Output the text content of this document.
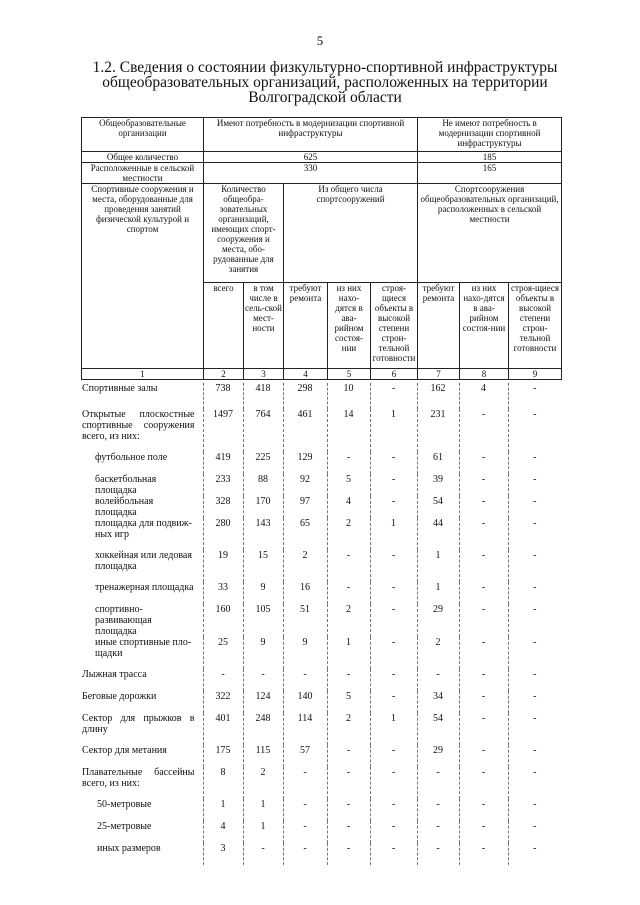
5
1.2. Сведения о состоянии физкультурно-спортивной инфраструктуры
общеобразовательных организаций, расположенных на территории
Волгоградской области
Общеобразовательные организации	Имеют потребность в модернизации спортивной инфраструктуры					Не имеют потребность в модернизации спортивной инфраструктуры		
Общее количество	625					185		
Расположенные в сельской местности	330					165		
Спортивные сооружения и места, оборудованные для проведения занятий физической культурой и спортом	Количество общеобра-зовательных организаций, имеющих спорт-сооружения и места, обо-рудованные для занятия		Из общего числа спортсооружений			Спортсооружения общеобразовательных организаций, расположенных в сельской местности		
	всего	в том числе в сель-ской мест-ности	требуют ремонта	из них нахо-дятся в ава-рийном состоя-нии	строя-щиеся объекты в высокой степени строи-тельной готовности	требуют ремонта	из них нахо-дятся в ава-рийном состоя-нии	строя-щиеся объекты в высокой степени строи-тельной готовности
1	2	3	4	5	6	7	8	9
Спортивные залы	738	418	298	10	-	162	4	-
Открытые плоскостные спортивные сооружения всего, из них:	1497	764	461	14	1	231	-	-
футбольное поле	419	225	129	-	-	61	-	-
баскетбольная площадка	233	88	92	5	-	39	-	-
волейбольная площадка	328	170	97	4	-	54	-	-
площадка для подвиж-ных игр	280	143	65	2	1	44	-	-
хоккейная или ледовая площадка	19	15	2	-	-	1	-	-
тренажерная площадка	33	9	16	-	-	1	-	-
спортивно-развивающая площадка	160	105	51	2	-	29	-	-
иные спортивные пло-щадки	25	9	9	1	-	2	-	-
Лыжная трасса	-	-	-	-	-	-	-	-
Беговые дорожки	322	124	140	5	-	34	-	-
Сектор для прыжков в длину	401	248	114	2	1	54	-	-
Сектор для метания	175	115	57	-	-	29	-	-
Плавательные бассейны всего, из них:	8	2	-	-	-	-	-	-
50-метровые	1	1	-	-	-	-	-	-
25-метровые	4	1	-	-	-	-	-	-
иных размеров	3	-	-	-	-	-	-	-
